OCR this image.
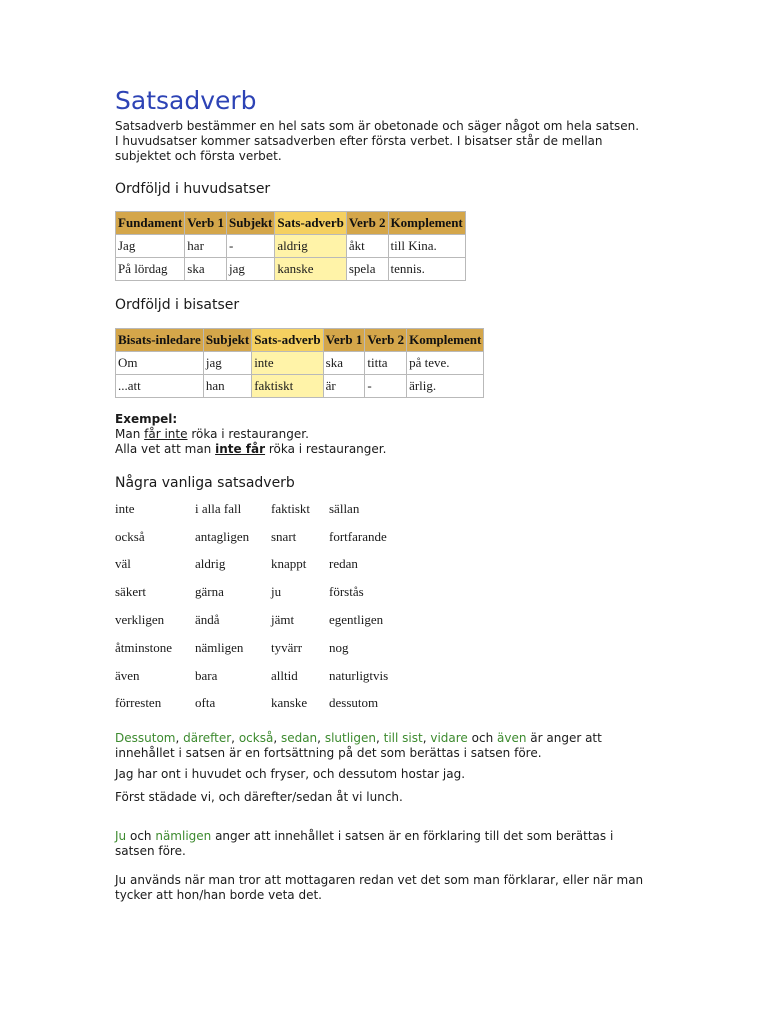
Satsadverb

Satsadverb bestämmer en hel sats som är obetonade och säger något om hela satsen.

I huvudsatser kommer satsadverben efter första verbet. I bisatser står de mellan subjektet och första verbet.

Ordföljd i huvudsatser
Fundament	Verb 1	Subjekt	Sats-adverb	Verb 2	Komplement
Jag	har	-	aldrig	åkt	till Kina.
På lördag	ska	jag	kanske	spela	tennis.
Ordföljd i bisatser
Bisats-inledare	Subjekt	Sats-adverb	Verb 1	Verb 2	Komplement
Om	jag	inte	ska	titta	på teve.
...att	han	faktiskt	är	-	ärlig.

Exempel:

Man får inte röka i restauranger.

Alla vet att man inte får röka i restauranger.

Några vanliga satsadverb
inte	i alla fall	faktiskt	sällan
också	antagligen	snart	fortfarande
väl	aldrig	knappt	redan
säkert	gärna	ju	förstås
verkligen	ändå	jämt	egentligen
åtminstone	nämligen	tyvärr	nog
även	bara	alltid	naturligtvis
förresten	ofta	kanske	dessutom

Dessutom, därefter, också, sedan, slutligen, till sist, vidare och även är anger att innehållet i satsen är en fortsättning på det som berättas i satsen före.

Jag har ont i huvudet och fryser, och dessutom hostar jag.

Först städade vi, och därefter/sedan åt vi lunch.

Ju och nämligen anger att innehållet i satsen är en förklaring till det som berättas i satsen före.

Ju används när man tror att mottagaren redan vet det som man förklarar, eller när man tycker att hon/han borde veta det.
